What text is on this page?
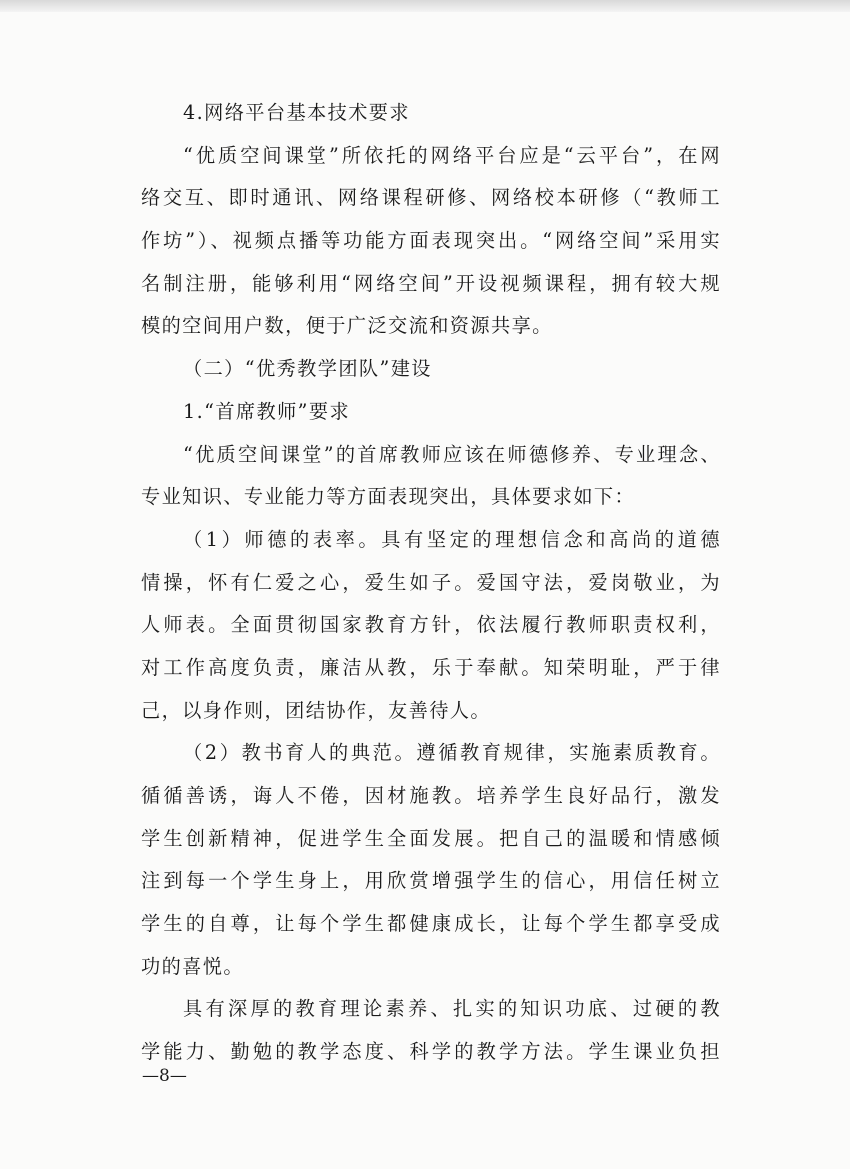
4.网络平台基本技术要求
“优质空间课堂”所依托的网络平台应是“云平台”，在网
络交互、即时通讯、网络课程研修、网络校本研修（“教师工
作坊”）、视频点播等功能方面表现突出。“网络空间”采用实
名制注册，能够利用“网络空间”开设视频课程，拥有较大规
模的空间用户数，便于广泛交流和资源共享。
（二）“优秀教学团队”建设
1.“首席教师”要求
“优质空间课堂”的首席教师应该在师德修养、专业理念、
专业知识、专业能力等方面表现突出，具体要求如下：
（1）师德的表率。具有坚定的理想信念和高尚的道德
情操，怀有仁爱之心，爱生如子。爱国守法，爱岗敬业，为
人师表。全面贯彻国家教育方针，依法履行教师职责权利，
对工作高度负责，廉洁从教，乐于奉献。知荣明耻，严于律
己，以身作则，团结协作，友善待人。
（2）教书育人的典范。遵循教育规律，实施素质教育。
循循善诱，诲人不倦，因材施教。培养学生良好品行，激发
学生创新精神，促进学生全面发展。把自己的温暖和情感倾
注到每一个学生身上，用欣赏增强学生的信心，用信任树立
学生的自尊，让每个学生都健康成长，让每个学生都享受成
功的喜悦。
具有深厚的教育理论素养、扎实的知识功底、过硬的教
学能力、勤勉的教学态度、科学的教学方法。学生课业负担
—8—
